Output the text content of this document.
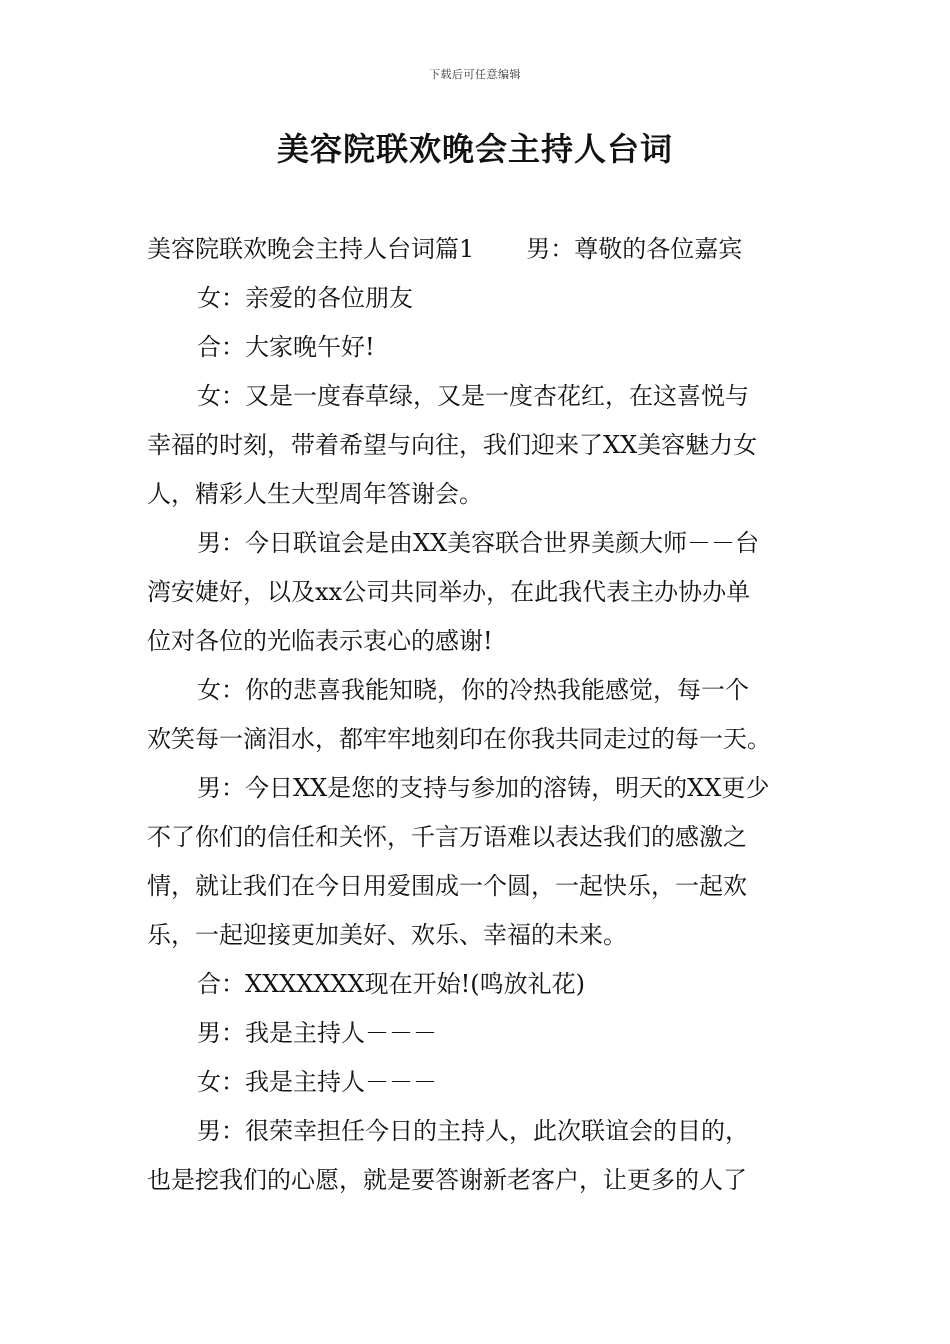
下载后可任意编辑
美容院联欢晚会主持人台词
美容院联欢晚会主持人台词篇1 男：尊敬的各位嘉宾
女：亲爱的各位朋友
合：大家晚午好!
女：又是一度春草绿，又是一度杏花红，在这喜悦与
幸福的时刻，带着希望与向往，我们迎来了XX美容魅力女
人，精彩人生大型周年答谢会。
男：今日联谊会是由XX美容联合世界美颜大师－－台
湾安婕好，以及xx公司共同举办，在此我代表主办协办单
位对各位的光临表示衷心的感谢!
女：你的悲喜我能知晓，你的冷热我能感觉，每一个
欢笑每一滴泪水，都牢牢地刻印在你我共同走过的每一天。
男：今日XX是您的支持与参加的溶铸，明天的XX更少
不了你们的信任和关怀，千言万语难以表达我们的感激之
情，就让我们在今日用爱围成一个圆，一起快乐，一起欢
乐，一起迎接更加美好、欢乐、幸福的未来。
合：XXXXXXX现在开始!(鸣放礼花)
男：我是主持人－－－
女：我是主持人－－－
男：很荣幸担任今日的主持人，此次联谊会的目的，
也是挖我们的心愿，就是要答谢新老客户，让更多的人了
